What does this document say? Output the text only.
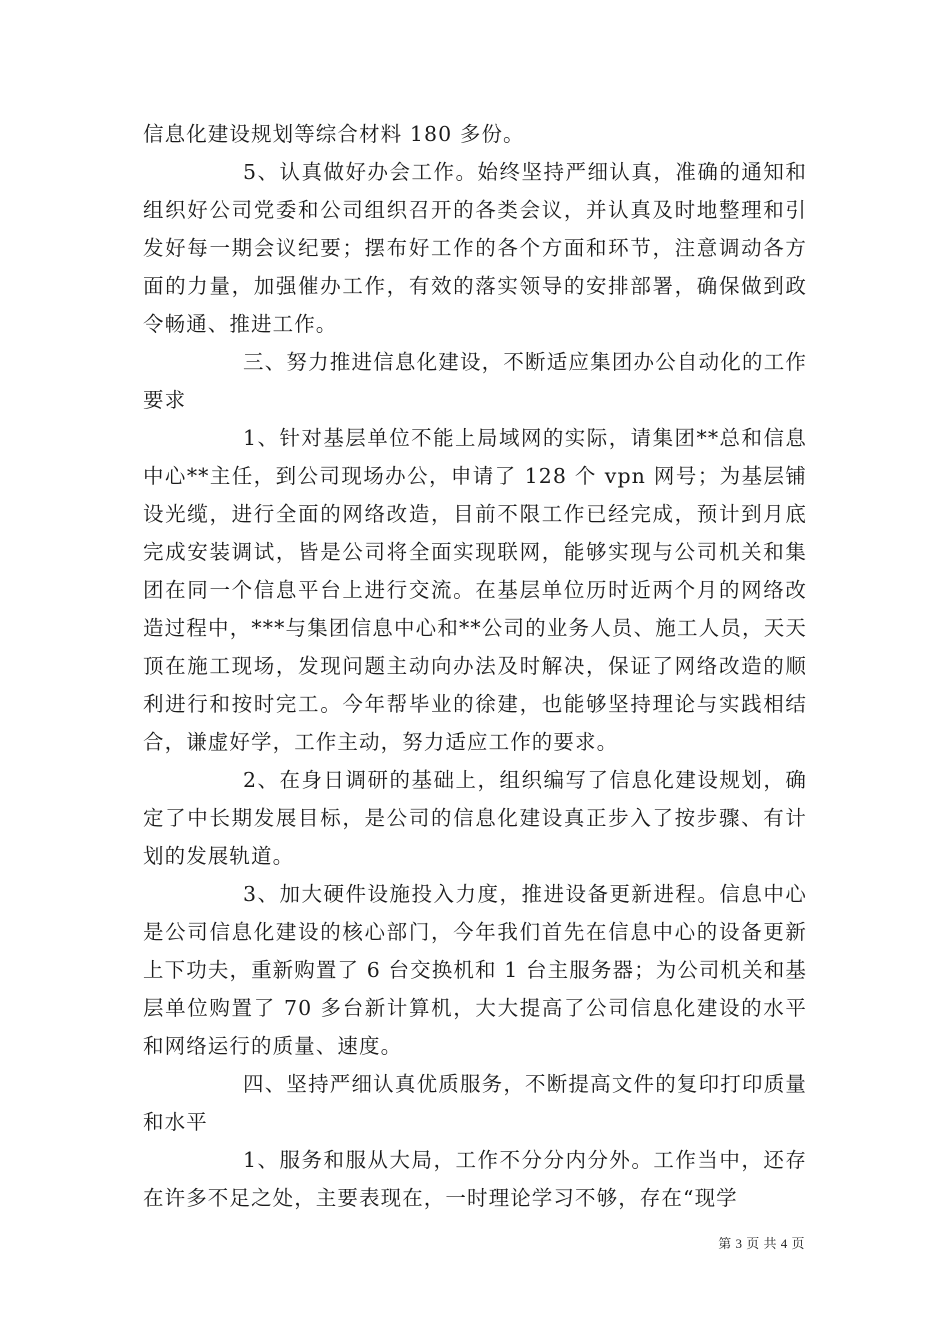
信息化建设规划等综合材料 180 多份。

5、认真做好办会工作。始终坚持严细认真，准确的通知和组织好公司党委和公司组织召开的各类会议，并认真及时地整理和引发好每一期会议纪要；摆布好工作的各个方面和环节，注意调动各方面的力量，加强催办工作，有效的落实领导的安排部署，确保做到政令畅通、推进工作。

三、努力推进信息化建设，不断适应集团办公自动化的工作要求

1、针对基层单位不能上局域网的实际，请集团**总和信息中心**主任，到公司现场办公，申请了 128 个 vpn 网号；为基层铺设光缆，进行全面的网络改造，目前不限工作已经完成，预计到月底完成安装调试，皆是公司将全面实现联网，能够实现与公司机关和集团在同一个信息平台上进行交流。在基层单位历时近两个月的网络改造过程中，***与集团信息中心和**公司的业务人员、施工人员，天天顶在施工现场，发现问题主动向办法及时解决，保证了网络改造的顺利进行和按时完工。今年帮毕业的徐建，也能够坚持理论与实践相结合，谦虚好学，工作主动，努力适应工作的要求。

2、在身日调研的基础上，组织编写了信息化建设规划，确定了中长期发展目标，是公司的信息化建设真正步入了按步骤、有计划的发展轨道。

3、加大硬件设施投入力度，推进设备更新进程。信息中心是公司信息化建设的核心部门，今年我们首先在信息中心的设备更新上下功夫，重新购置了 6 台交换机和 1 台主服务器；为公司机关和基层单位购置了 70 多台新计算机，大大提高了公司信息化建设的水平和网络运行的质量、速度。

四、坚持严细认真优质服务，不断提高文件的复印打印质量和水平

1、服务和服从大局，工作不分分内分外。工作当中，还存在许多不足之处，主要表现在，一时理论学习不够，存在“现学

第 3 页 共 4 页
